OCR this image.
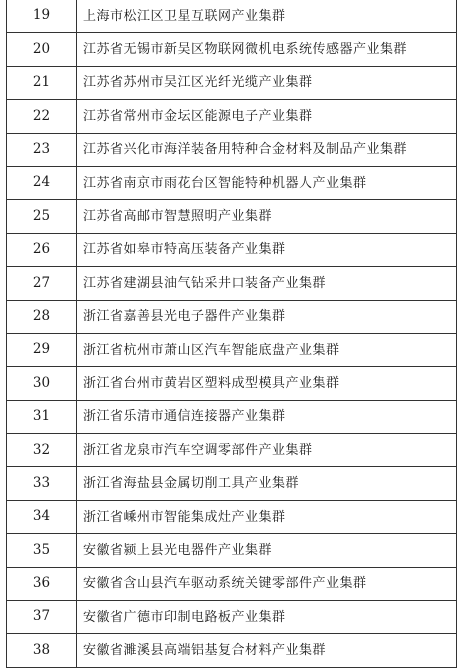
19	上海市松江区卫星互联网产业集群
20	江苏省无锡市新吴区物联网微机电系统传感器产业集群
21	江苏省苏州市吴江区光纤光缆产业集群
22	江苏省常州市金坛区能源电子产业集群
23	江苏省兴化市海洋装备用特种合金材料及制品产业集群
24	江苏省南京市雨花台区智能特种机器人产业集群
25	江苏省高邮市智慧照明产业集群
26	江苏省如皋市特高压装备产业集群
27	江苏省建湖县油气钻采井口装备产业集群
28	浙江省嘉善县光电子器件产业集群
29	浙江省杭州市萧山区汽车智能底盘产业集群
30	浙江省台州市黄岩区塑料成型模具产业集群
31	浙江省乐清市通信连接器产业集群
32	浙江省龙泉市汽车空调零部件产业集群
33	浙江省海盐县金属切削工具产业集群
34	浙江省嵊州市智能集成灶产业集群
35	安徽省颍上县光电器件产业集群
36	安徽省含山县汽车驱动系统关键零部件产业集群
37	安徽省广德市印制电路板产业集群
38	安徽省濉溪县高端铝基复合材料产业集群
